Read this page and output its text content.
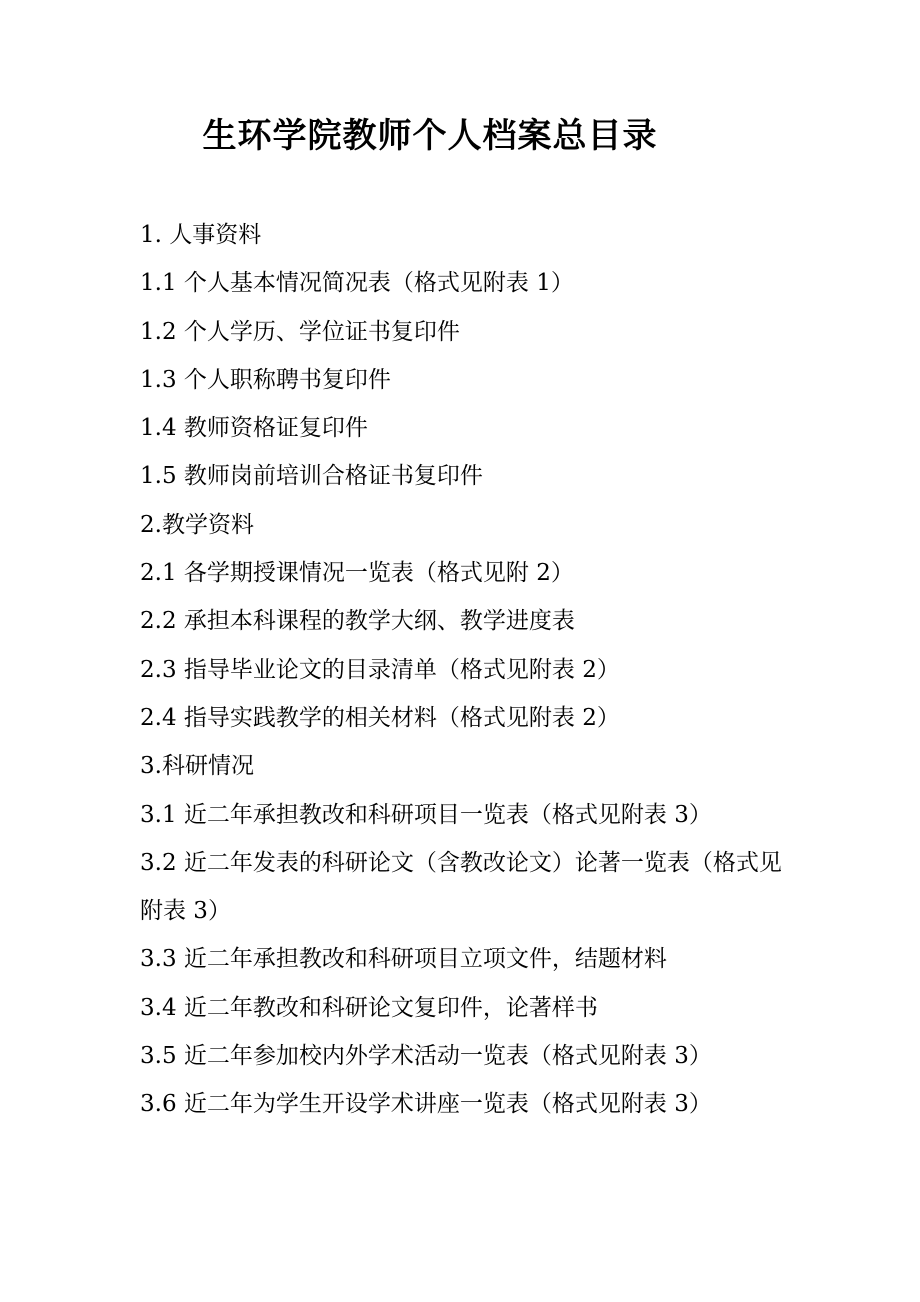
生环学院教师个人档案总目录
1. 人事资料
1.1 个人基本情况简况表（格式见附表 1）
1.2 个人学历、学位证书复印件
1.3 个人职称聘书复印件
1.4 教师资格证复印件
1.5 教师岗前培训合格证书复印件
2.教学资料
2.1 各学期授课情况一览表（格式见附 2）
2.2 承担本科课程的教学大纲、教学进度表
2.3 指导毕业论文的目录清单（格式见附表 2）
2.4 指导实践教学的相关材料（格式见附表 2）
3.科研情况
3.1 近二年承担教改和科研项目一览表（格式见附表 3）
3.2 近二年发表的科研论文（含教改论文）论著一览表（格式见附表 3）
3.3 近二年承担教改和科研项目立项文件，结题材料
3.4 近二年教改和科研论文复印件，论著样书
3.5 近二年参加校内外学术活动一览表（格式见附表 3）
3.6 近二年为学生开设学术讲座一览表（格式见附表 3）
